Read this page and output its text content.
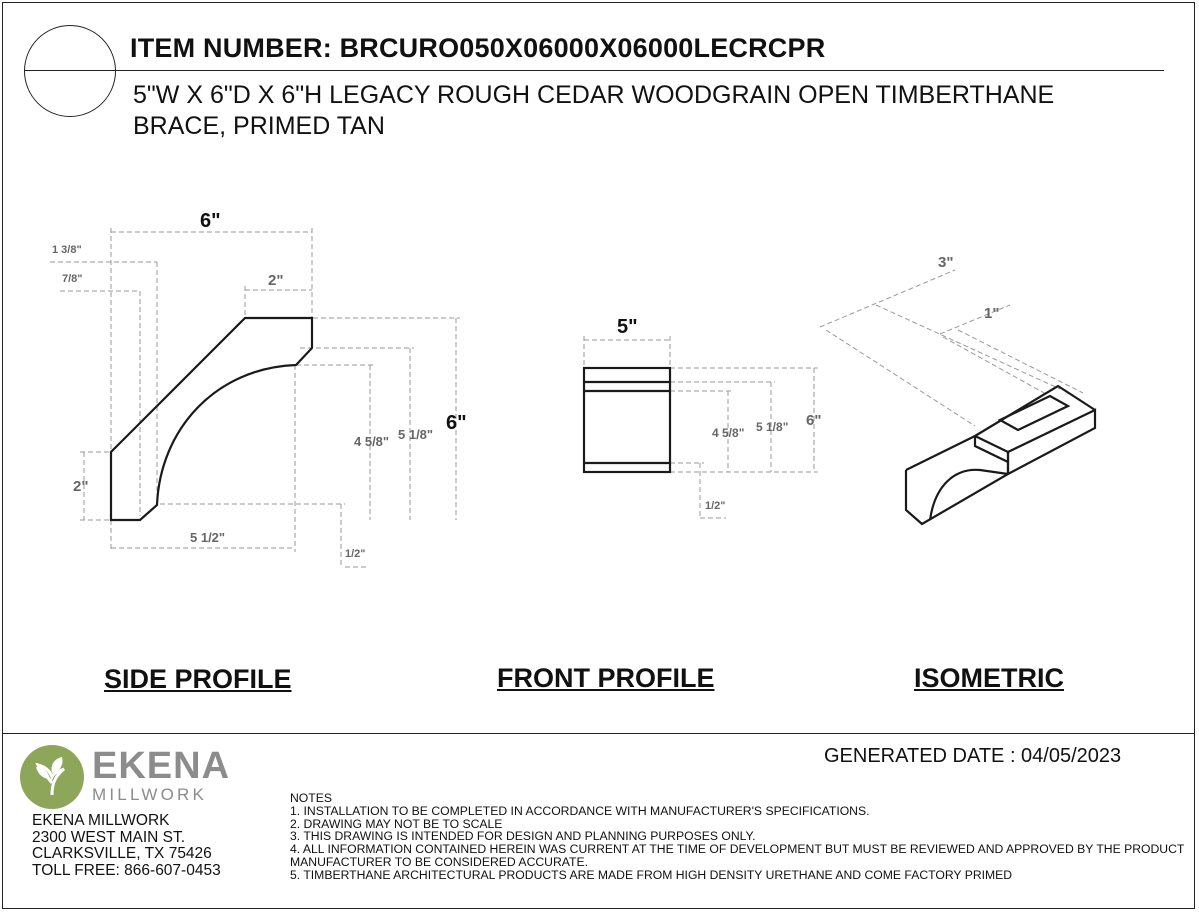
ITEM NUMBER: BRCURO050X06000X06000LECRCPR
5"W X 6"D X 6"H LEGACY ROUGH CEDAR WOODGRAIN OPEN TIMBERTHANE BRACE, PRIMED TAN
6"
2"
6"
1 3/8"
7/8"
4 5/8" 5 1/8"
2"
5 1/2"
1/2"
5"
4 5/8" 5 1/8" 6"
1/2"
3"
1"
SIDE PROFILE	FRONT PROFILE	ISOMETRIC
EKENA
MILLWORK
EKENA MILLWORK
2300 WEST MAIN ST.
CLARKSVILLE, TX 75426
TOLL FREE: 866-607-0453
GENERATED DATE : 04/05/2023
NOTES
1. INSTALLATION TO BE COMPLETED IN ACCORDANCE WITH MANUFACTURER'S SPECIFICATIONS.
2. DRAWING MAY NOT BE TO SCALE
3. THIS DRAWING IS INTENDED FOR DESIGN AND PLANNING PURPOSES ONLY.
4. ALL INFORMATION CONTAINED HEREIN WAS CURRENT AT THE TIME OF DEVELOPMENT BUT MUST BE REVIEWED AND APPROVED BY THE PRODUCT MANUFACTURER TO BE CONSIDERED ACCURATE.
5. TIMBERTHANE ARCHITECTURAL PRODUCTS ARE MADE FROM HIGH DENSITY URETHANE AND COME FACTORY PRIMED
